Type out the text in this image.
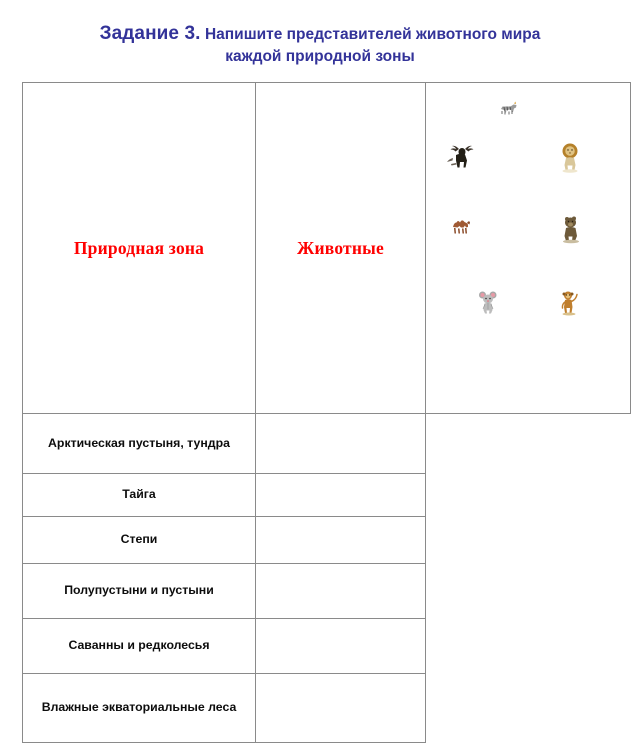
Задание 3. Напишите представителей животного мира
каждой природной зоны
Природная зона	Животные	

Арктическая пустыня, тундра		
Тайга		
Степи		
Полупустыни и пустыни		
Саванны и редколесья		
Влажные экваториальные леса		
